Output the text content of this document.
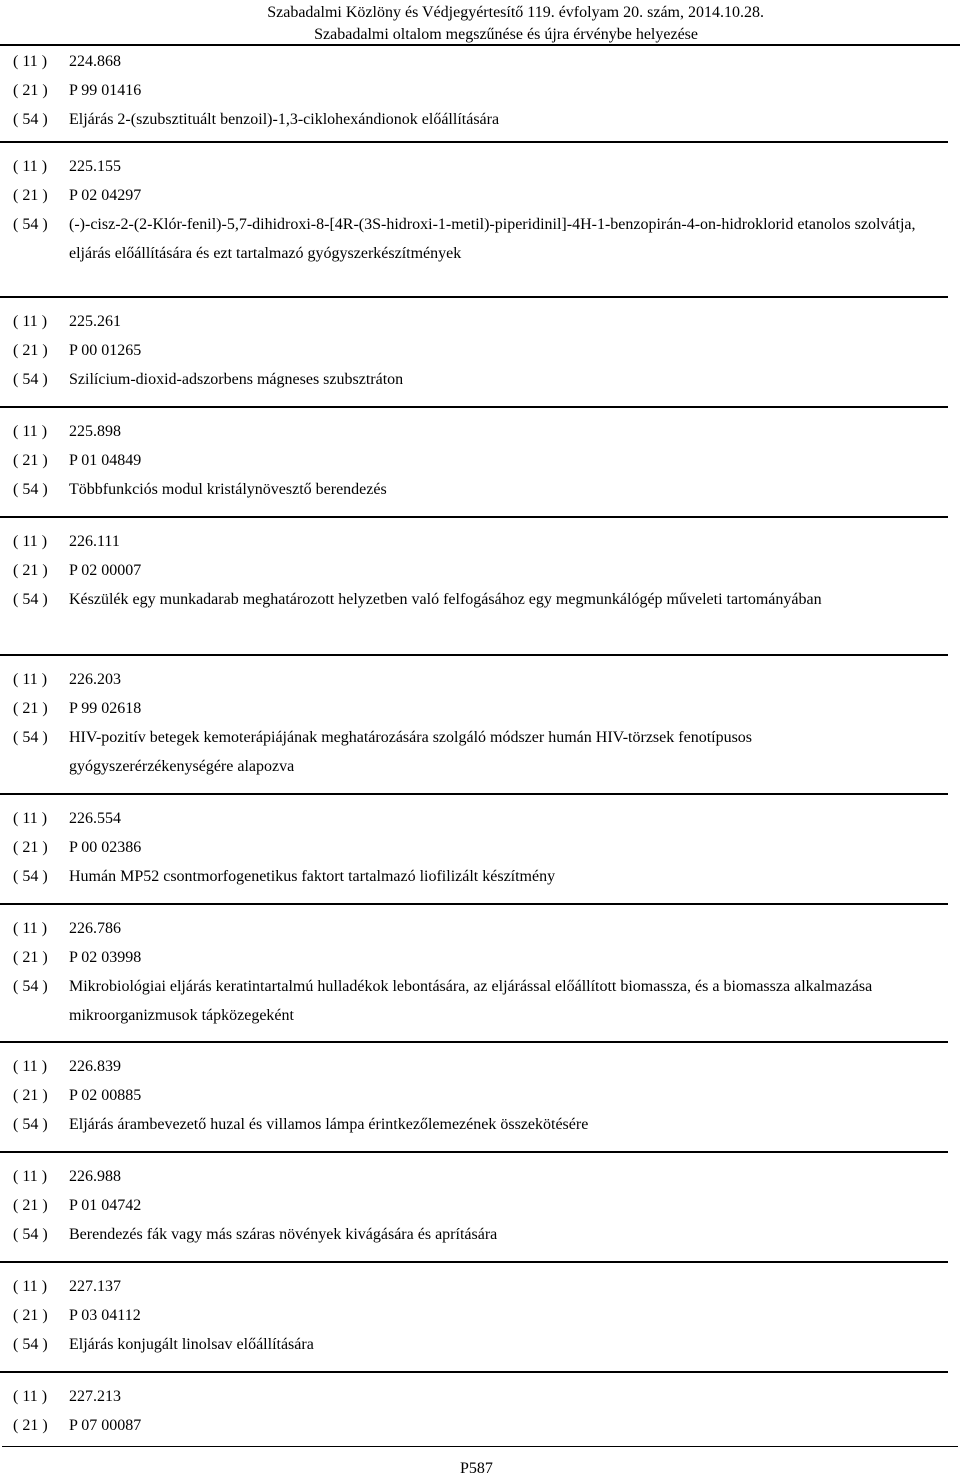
Szabadalmi Közlöny és Védjegyértesítő 119. évfolyam 20. szám, 2014.10.28.
Szabadalmi oltalom megszűnése és újra érvénybe helyezése
( 11 )	224.868
( 21 )	P 99 01416
( 54 )	Eljárás 2-(szubsztituált benzoil)-1,3-ciklohexándionok előállítására
( 11 )	225.155
( 21 )	P 02 04297
( 54 )	(-)-cisz-2-(2-Klór-fenil)-5,7-dihidroxi-8-[4R-(3S-hidroxi-1-metil)-piperidinil]-4H-1-benzopirán-4-on-hidroklorid etanolos szolvátja, eljárás előállítására és ezt tartalmazó gyógyszerkészítmények
( 11 )	225.261
( 21 )	P 00 01265
( 54 )	Szilícium-dioxid-adszorbens mágneses szubsztráton
( 11 )	225.898
( 21 )	P 01 04849
( 54 )	Többfunkciós modul kristálynövesztő berendezés
( 11 )	226.111
( 21 )	P 02 00007
( 54 )	Készülék egy munkadarab meghatározott helyzetben való felfogásához egy megmunkálógép műveleti tartományában
( 11 )	226.203
( 21 )	P 99 02618
( 54 )	HIV-pozitív betegek kemoterápiájának meghatározására szolgáló módszer humán HIV-törzsek fenotípusos gyógyszerérzékenységére alapozva
( 11 )	226.554
( 21 )	P 00 02386
( 54 )	Humán MP52 csontmorfogenetikus faktort tartalmazó liofilizált készítmény
( 11 )	226.786
( 21 )	P 02 03998
( 54 )	Mikrobiológiai eljárás keratintartalmú hulladékok lebontására, az eljárással előállított biomassza, és a biomassza alkalmazása mikroorganizmusok tápközegeként
( 11 )	226.839
( 21 )	P 02 00885
( 54 )	Eljárás árambevezető huzal és villamos lámpa érintkezőlemezének összekötésére
( 11 )	226.988
( 21 )	P 01 04742
( 54 )	Berendezés fák vagy más száras növények kivágására és aprítására
( 11 )	227.137
( 21 )	P 03 04112
( 54 )	Eljárás konjugált linolsav előállítására
( 11 )	227.213
( 21 )	P 07 00087
P587
